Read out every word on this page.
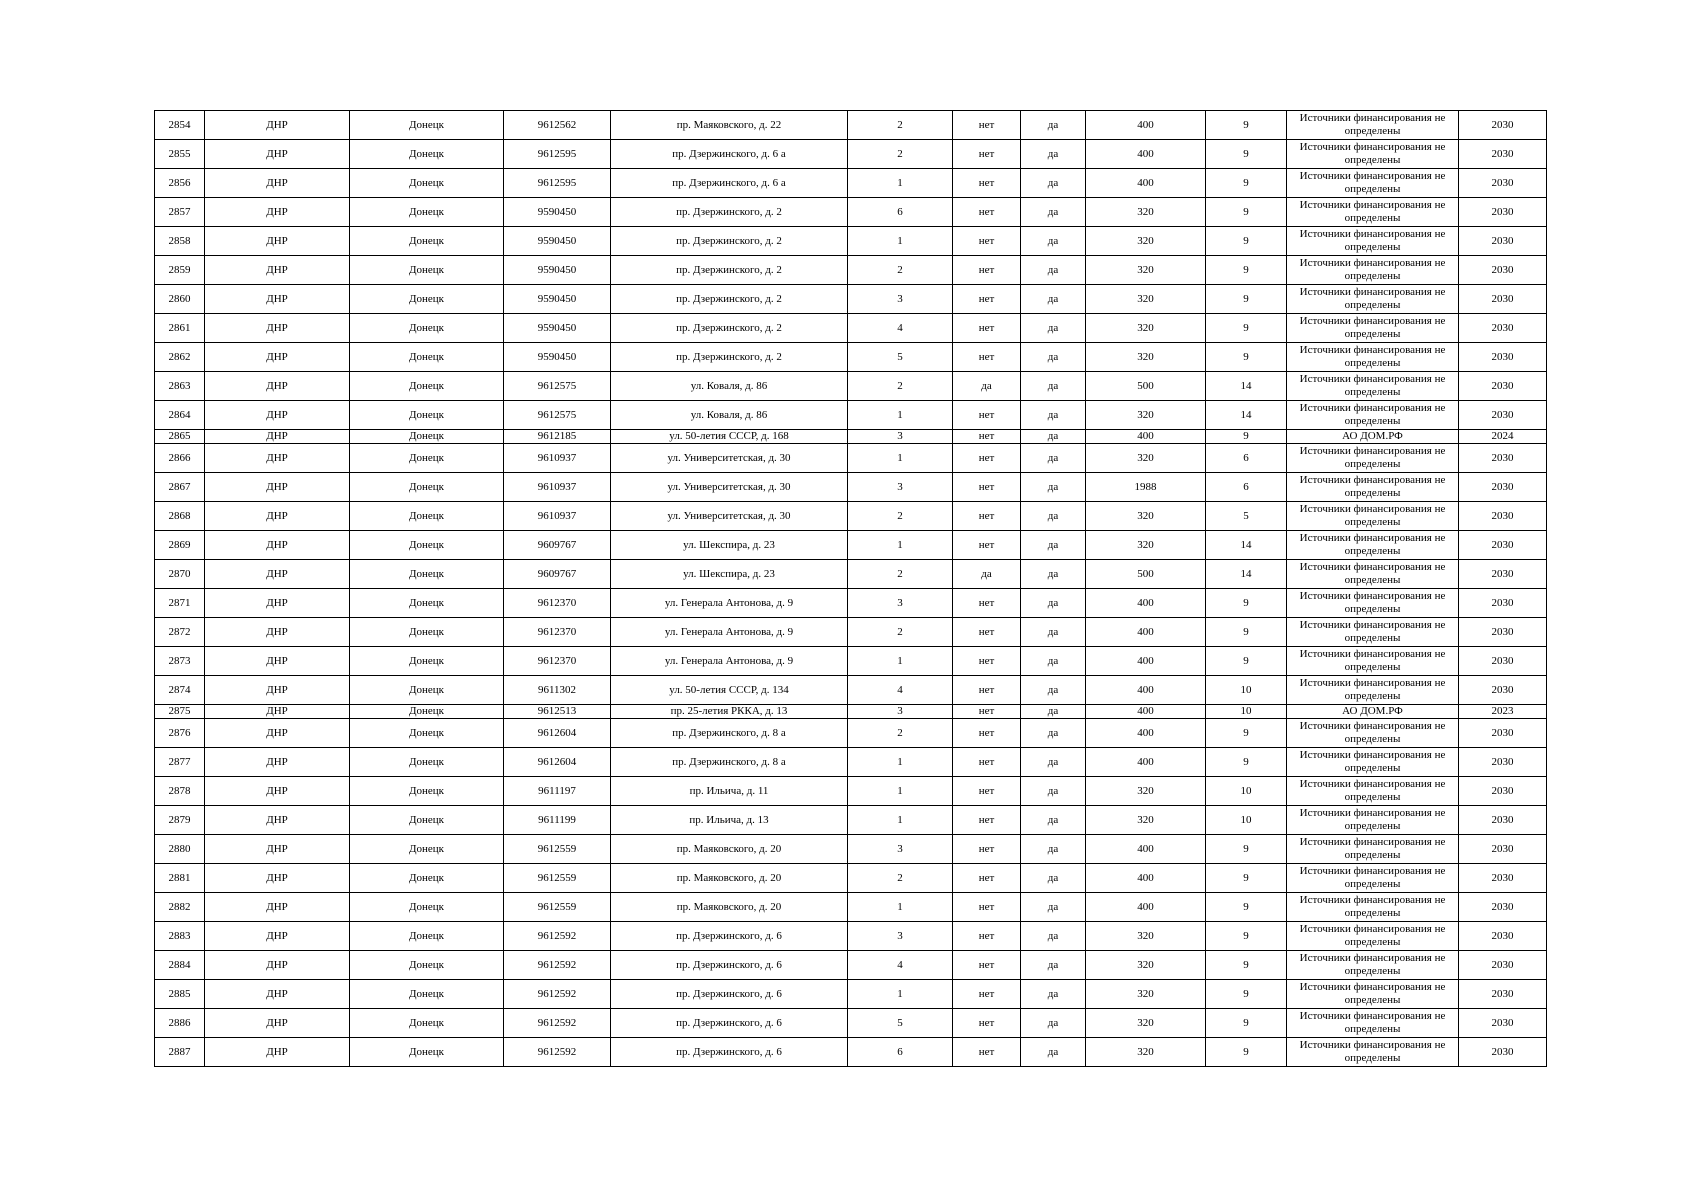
2854	ДНР	Донецк	9612562	пр. Маяковского, д. 22	2	нет	да	400	9	Источники финансирования не определены	2030
2855	ДНР	Донецк	9612595	пр. Дзержинского, д. 6 а	2	нет	да	400	9	Источники финансирования не определены	2030
2856	ДНР	Донецк	9612595	пр. Дзержинского, д. 6 а	1	нет	да	400	9	Источники финансирования не определены	2030
2857	ДНР	Донецк	9590450	пр. Дзержинского, д. 2	6	нет	да	320	9	Источники финансирования не определены	2030
2858	ДНР	Донецк	9590450	пр. Дзержинского, д. 2	1	нет	да	320	9	Источники финансирования не определены	2030
2859	ДНР	Донецк	9590450	пр. Дзержинского, д. 2	2	нет	да	320	9	Источники финансирования не определены	2030
2860	ДНР	Донецк	9590450	пр. Дзержинского, д. 2	3	нет	да	320	9	Источники финансирования не определены	2030
2861	ДНР	Донецк	9590450	пр. Дзержинского, д. 2	4	нет	да	320	9	Источники финансирования не определены	2030
2862	ДНР	Донецк	9590450	пр. Дзержинского, д. 2	5	нет	да	320	9	Источники финансирования не определены	2030
2863	ДНР	Донецк	9612575	ул. Коваля, д. 86	2	да	да	500	14	Источники финансирования не определены	2030
2864	ДНР	Донецк	9612575	ул. Коваля, д. 86	1	нет	да	320	14	Источники финансирования не определены	2030
2865	ДНР	Донецк	9612185	ул. 50-летия СССР, д. 168	3	нет	да	400	9	АО ДОМ.РФ	2024
2866	ДНР	Донецк	9610937	ул. Университетская, д. 30	1	нет	да	320	6	Источники финансирования не определены	2030
2867	ДНР	Донецк	9610937	ул. Университетская, д. 30	3	нет	да	1988	6	Источники финансирования не определены	2030
2868	ДНР	Донецк	9610937	ул. Университетская, д. 30	2	нет	да	320	5	Источники финансирования не определены	2030
2869	ДНР	Донецк	9609767	ул. Шекспира, д. 23	1	нет	да	320	14	Источники финансирования не определены	2030
2870	ДНР	Донецк	9609767	ул. Шекспира, д. 23	2	да	да	500	14	Источники финансирования не определены	2030
2871	ДНР	Донецк	9612370	ул. Генерала Антонова, д. 9	3	нет	да	400	9	Источники финансирования не определены	2030
2872	ДНР	Донецк	9612370	ул. Генерала Антонова, д. 9	2	нет	да	400	9	Источники финансирования не определены	2030
2873	ДНР	Донецк	9612370	ул. Генерала Антонова, д. 9	1	нет	да	400	9	Источники финансирования не определены	2030
2874	ДНР	Донецк	9611302	ул. 50-летия СССР, д. 134	4	нет	да	400	10	Источники финансирования не определены	2030
2875	ДНР	Донецк	9612513	пр. 25-летия РККА, д. 13	3	нет	да	400	10	АО ДОМ.РФ	2023
2876	ДНР	Донецк	9612604	пр. Дзержинского, д. 8 а	2	нет	да	400	9	Источники финансирования не определены	2030
2877	ДНР	Донецк	9612604	пр. Дзержинского, д. 8 а	1	нет	да	400	9	Источники финансирования не определены	2030
2878	ДНР	Донецк	9611197	пр. Ильича, д. 11	1	нет	да	320	10	Источники финансирования не определены	2030
2879	ДНР	Донецк	9611199	пр. Ильича, д. 13	1	нет	да	320	10	Источники финансирования не определены	2030
2880	ДНР	Донецк	9612559	пр. Маяковского, д. 20	3	нет	да	400	9	Источники финансирования не определены	2030
2881	ДНР	Донецк	9612559	пр. Маяковского, д. 20	2	нет	да	400	9	Источники финансирования не определены	2030
2882	ДНР	Донецк	9612559	пр. Маяковского, д. 20	1	нет	да	400	9	Источники финансирования не определены	2030
2883	ДНР	Донецк	9612592	пр. Дзержинского, д. 6	3	нет	да	320	9	Источники финансирования не определены	2030
2884	ДНР	Донецк	9612592	пр. Дзержинского, д. 6	4	нет	да	320	9	Источники финансирования не определены	2030
2885	ДНР	Донецк	9612592	пр. Дзержинского, д. 6	1	нет	да	320	9	Источники финансирования не определены	2030
2886	ДНР	Донецк	9612592	пр. Дзержинского, д. 6	5	нет	да	320	9	Источники финансирования не определены	2030
2887	ДНР	Донецк	9612592	пр. Дзержинского, д. 6	6	нет	да	320	9	Источники финансирования не определены	2030
